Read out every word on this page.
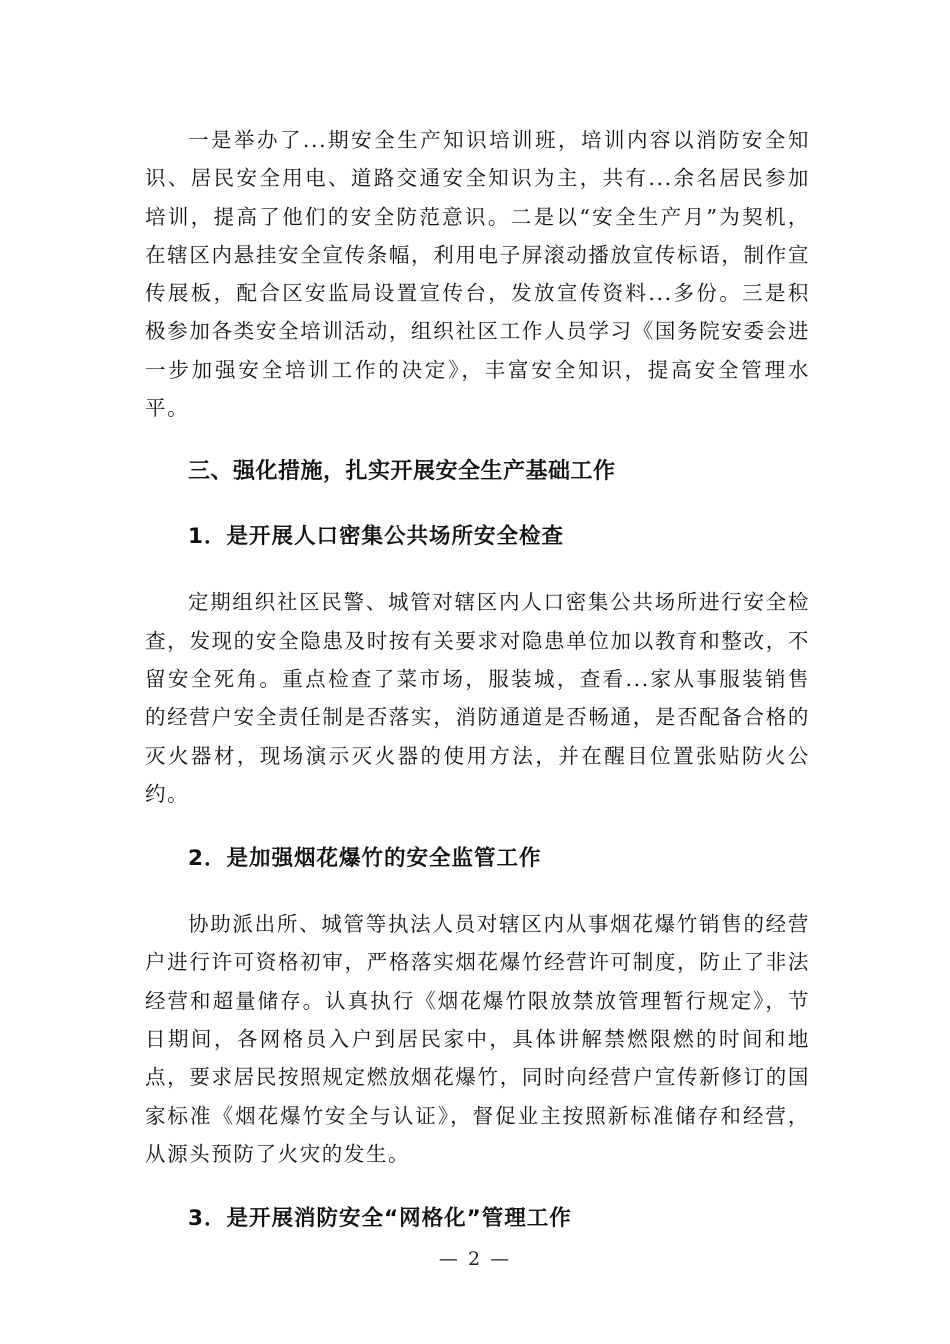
一是举办了...期安全生产知识培训班，培训内容以消防安全知识、居民安全用电、道路交通安全知识为主，共有...余名居民参加培训，提高了他们的安全防范意识。二是以“安全生产月”为契机，在辖区内悬挂安全宣传条幅，利用电子屏滚动播放宣传标语，制作宣传展板，配合区安监局设置宣传台，发放宣传资料...多份。三是积极参加各类安全培训活动，组织社区工作人员学习《国务院安委会进一步加强安全培训工作的决定》，丰富安全知识，提高安全管理水平。

三、强化措施，扎实开展安全生产基础工作
1．是开展人口密集公共场所安全检查

定期组织社区民警、城管对辖区内人口密集公共场所进行安全检查，发现的安全隐患及时按有关要求对隐患单位加以教育和整改，不留安全死角。重点检查了菜市场，服装城，查看...家从事服装销售的经营户安全责任制是否落实，消防通道是否畅通，是否配备合格的灭火器材，现场演示灭火器的使用方法，并在醒目位置张贴防火公约。

2．是加强烟花爆竹的安全监管工作

协助派出所、城管等执法人员对辖区内从事烟花爆竹销售的经营户进行许可资格初审，严格落实烟花爆竹经营许可制度，防止了非法经营和超量储存。认真执行《烟花爆竹限放禁放管理暂行规定》，节日期间，各网格员入户到居民家中，具体讲解禁燃限燃的时间和地点，要求居民按照规定燃放烟花爆竹，同时向经营户宣传新修订的国家标准《烟花爆竹安全与认证》，督促业主按照新标准储存和经营，从源头预防了火灾的发生。

3．是开展消防安全“网格化”管理工作
— 2 —
